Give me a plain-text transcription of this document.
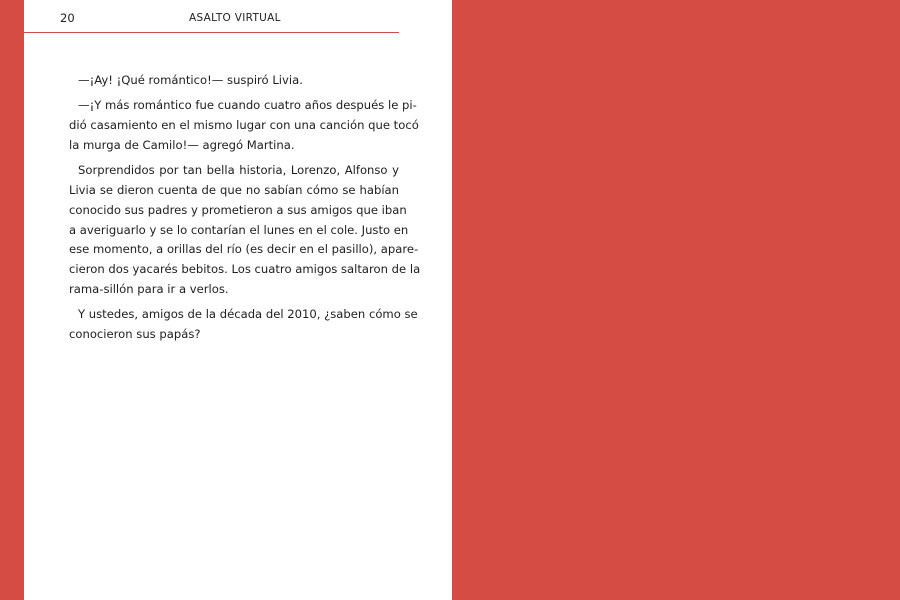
20	ASALTO VIRTUAL

—¡Ay! ¡Qué romántico!— suspiró Livia.

—¡Y más romántico fue cuando cuatro años después le pi-
dió casamiento en el mismo lugar con una canción que tocó
la murga de Camilo!— agregó Martina.

Sorprendidos por tan bella historia, Lorenzo, Alfonso y
Livia se dieron cuenta de que no sabían cómo se habían
conocido sus padres y prometieron a sus amigos que iban
a averiguarlo y se lo contarían el lunes en el cole. Justo en
ese momento, a orillas del río (es decir en el pasillo), apare-
cieron dos yacarés bebitos. Los cuatro amigos saltaron de la
rama-sillón para ir a verlos.

Y ustedes, amigos de la década del 2010, ¿saben cómo se
conocieron sus papás?
